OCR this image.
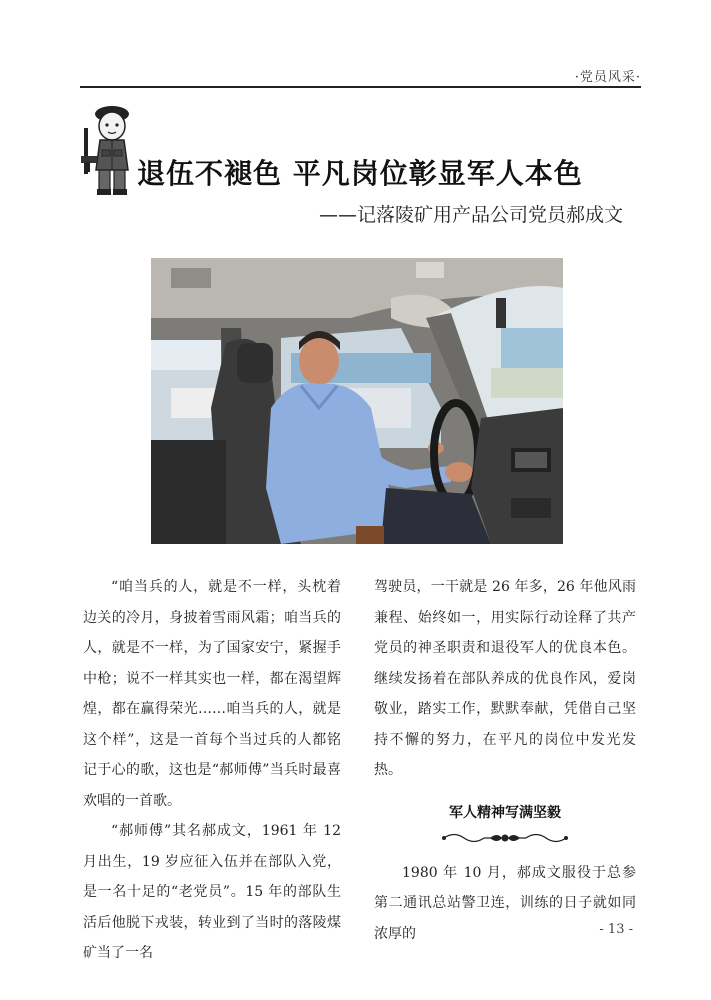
·党员风采·
退伍不褪色 平凡岗位彰显军人本色
——记落陵矿用产品公司党员郝成文

“咱当兵的人，就是不一样，头枕着边关的冷月，身披着雪雨风霜；咱当兵的人，就是不一样，为了国家安宁，紧握手中枪；说不一样其实也一样，都在渴望辉煌，都在赢得荣光……咱当兵的人，就是这个样”，这是一首每个当过兵的人都铭记于心的歌，这也是“郝师傅”当兵时最喜欢唱的一首歌。

“郝师傅”其名郝成文，1961 年 12 月出生，19 岁应征入伍并在部队入党，是一名十足的“老党员”。15 年的部队生活后他脱下戎装，转业到了当时的落陵煤矿当了一名

驾驶员，一干就是 26 年多，26 年他风雨兼程、始终如一，用实际行动诠释了共产党员的神圣职责和退役军人的优良本色。继续发扬着在部队养成的优良作风，爱岗敬业，踏实工作，默默奉献，凭借自己坚持不懈的努力，在平凡的岗位中发光发热。

军人精神写满坚毅

1980 年 10 月，郝成文服役于总参第二通讯总站警卫连，训练的日子就如同浓厚的	- 13 -
